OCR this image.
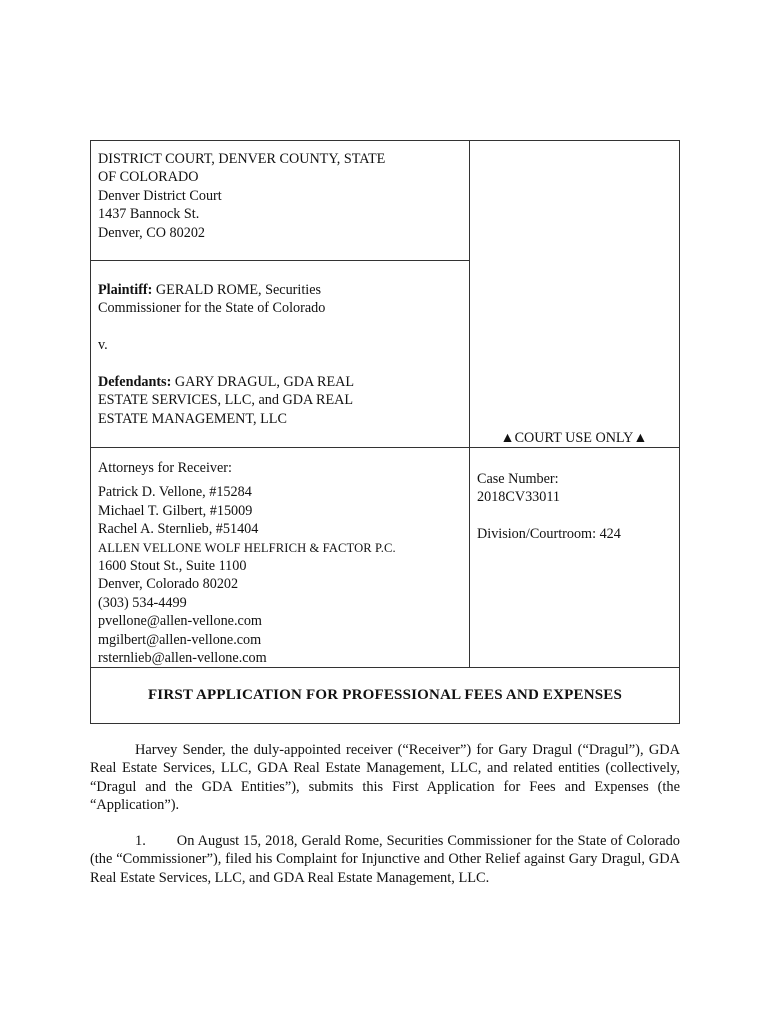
DISTRICT COURT, DENVER COUNTY, STATE
OF COLORADO
Denver District Court
1437 Bannock St.
Denver, CO 80202
Plaintiff: GERALD ROME, Securities
Commissioner for the State of Colorado
v.
Defendants: GARY DRAGUL, GDA REAL
ESTATE SERVICES, LLC, and GDA REAL
ESTATE MANAGEMENT, LLC
▲COURT USE ONLY▲
Attorneys for Receiver:
Patrick D. Vellone, #15284
Michael T. Gilbert, #15009
Rachel A. Sternlieb, #51404
ALLEN VELLONE WOLF HELFRICH & FACTOR P.C.
1600 Stout St., Suite 1100
Denver, Colorado 80202
(303) 534-4499
pvellone@allen-vellone.com
mgilbert@allen-vellone.com
rsternlieb@allen-vellone.com
Case Number:
2018CV33011
Division/Courtroom: 424
FIRST APPLICATION FOR PROFESSIONAL FEES AND EXPENSES
Harvey Sender, the duly-appointed receiver (“Receiver”) for Gary Dragul (“Dragul”), GDA Real Estate Services, LLC, GDA Real Estate Management, LLC, and related entities (collectively, “Dragul and the GDA Entities”), submits this First Application for Fees and Expenses (the “Application”).
1. On August 15, 2018, Gerald Rome, Securities Commissioner for the State of Colorado (the “Commissioner”), filed his Complaint for Injunctive and Other Relief against Gary Dragul, GDA Real Estate Services, LLC, and GDA Real Estate Management, LLC.
